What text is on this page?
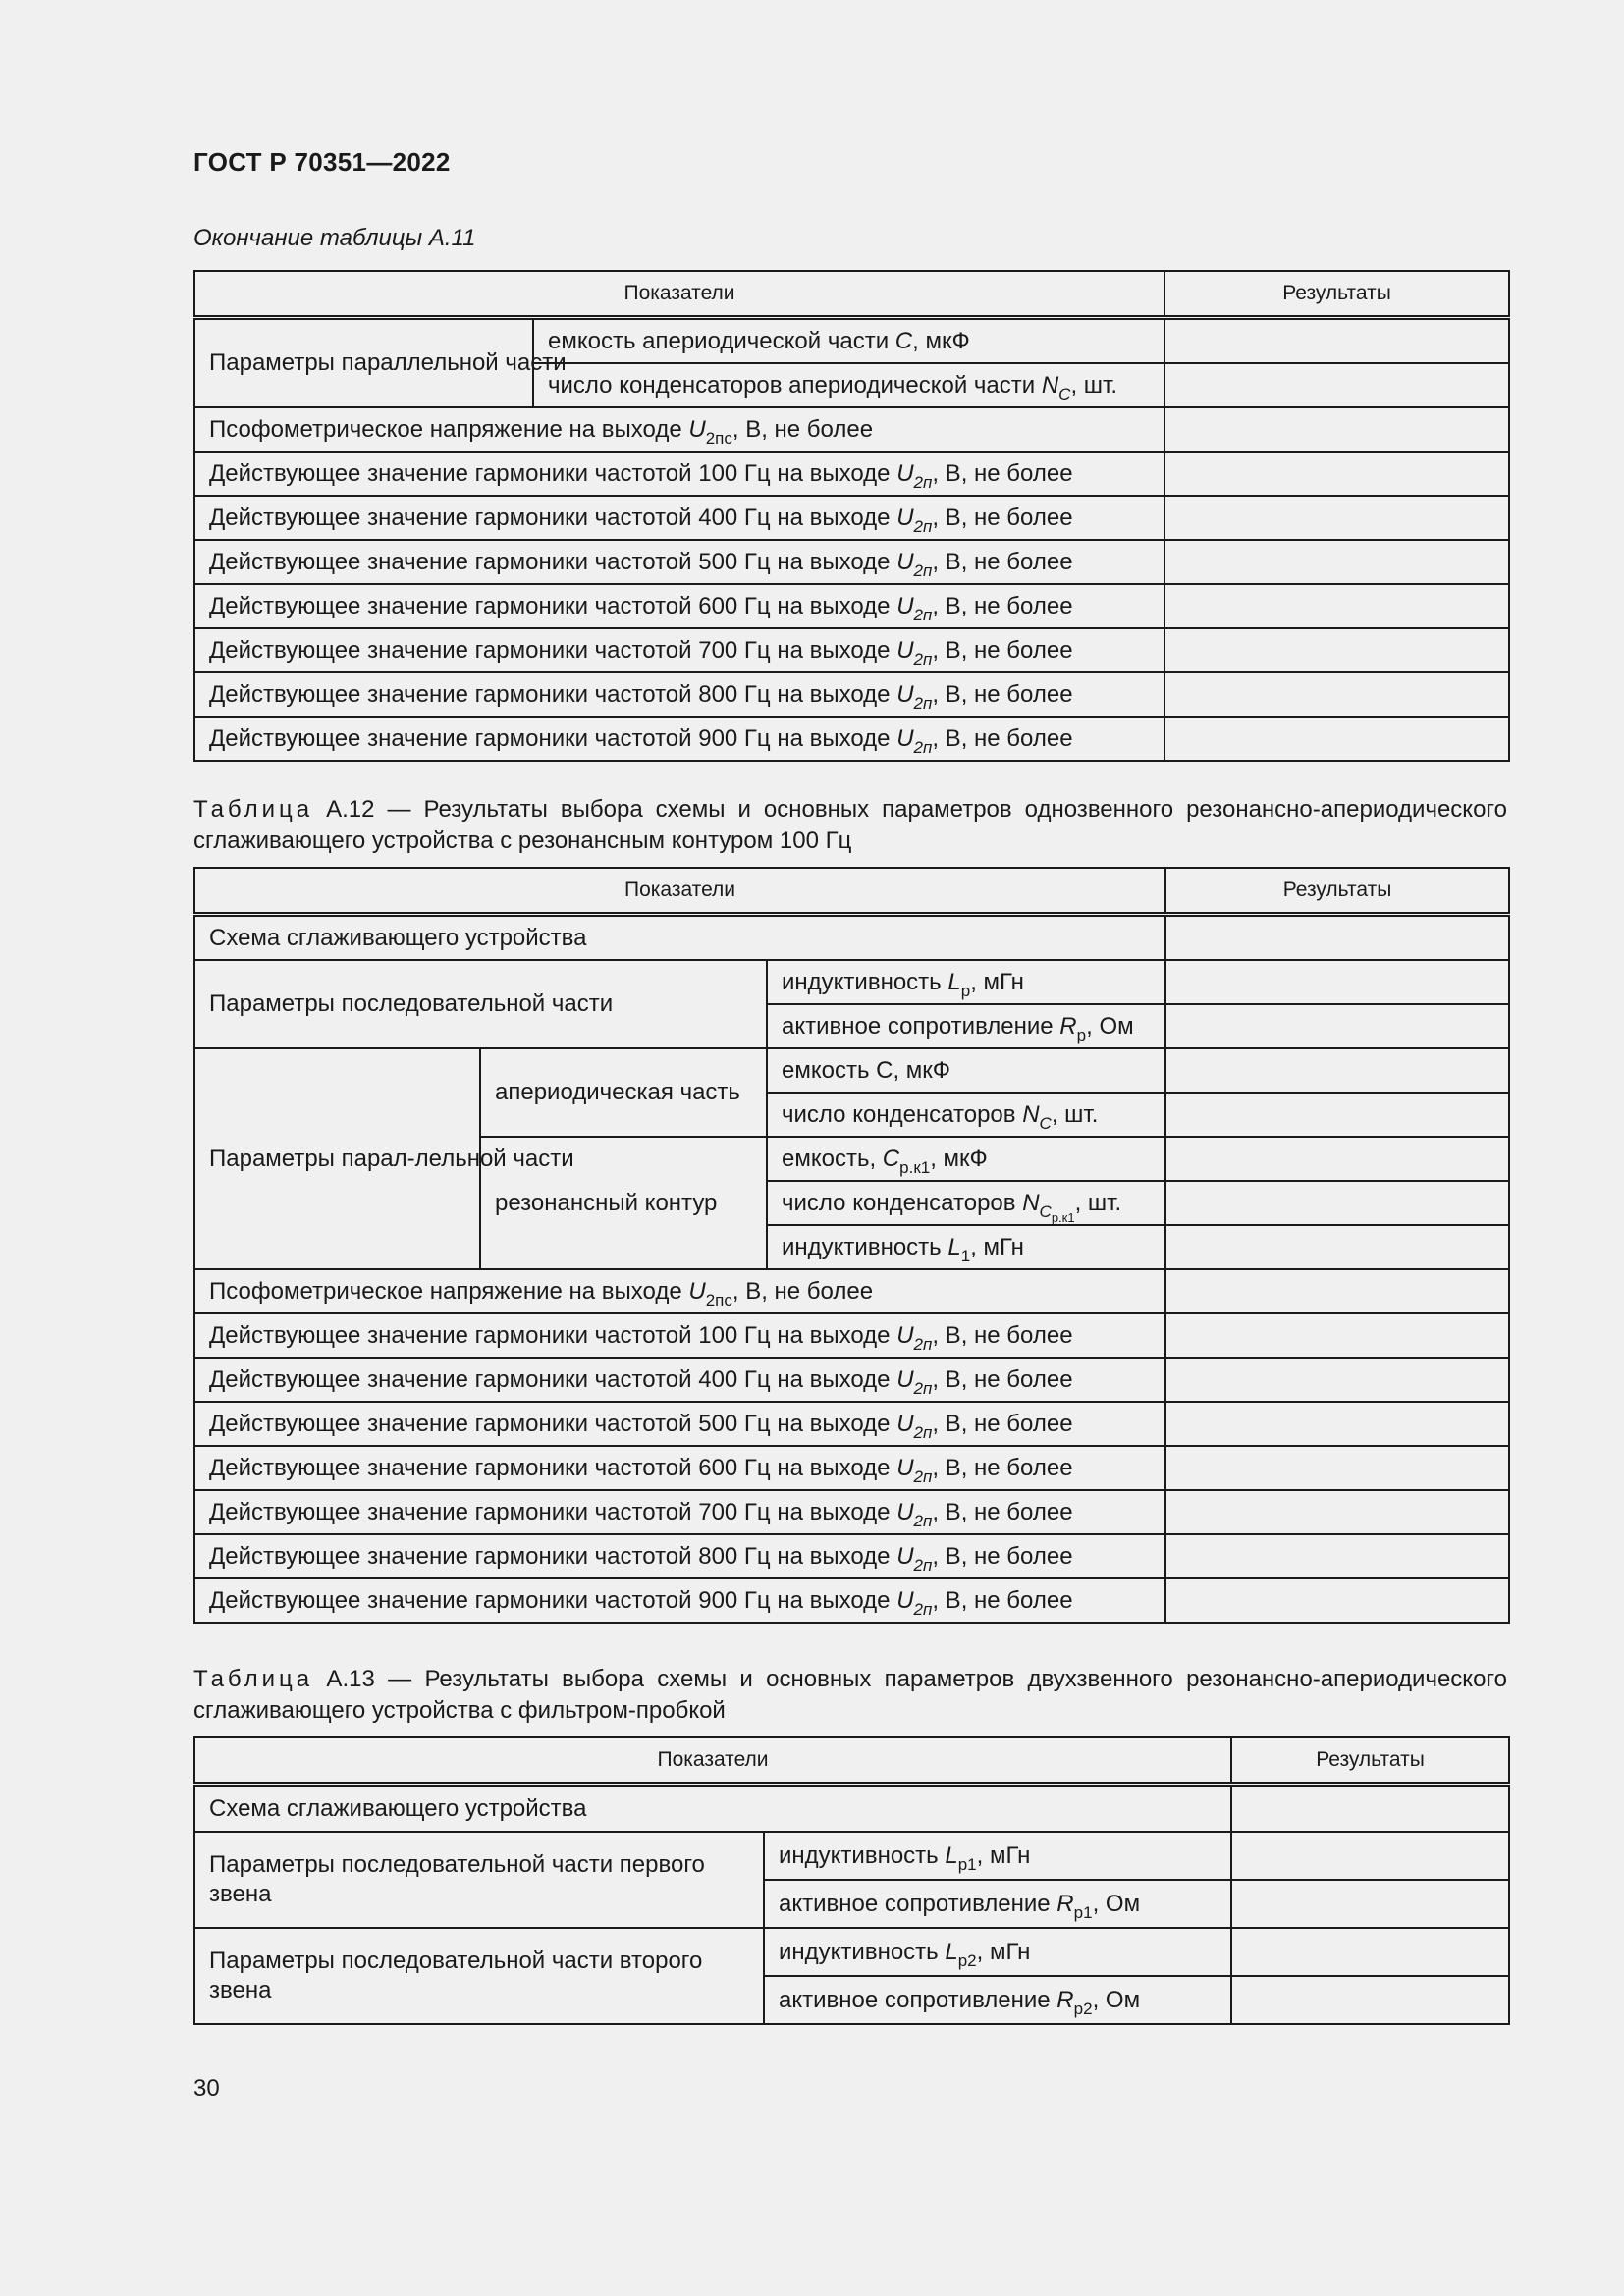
ГОСТ Р 70351—2022
Окончание таблицы А.11
Показатели		Результаты
Параметры параллельной части	емкость апериодической части С, мкФ	
	число конденсаторов апериодической части $N_C$, шт.	
Псофометрическое напряжение на выходе $U_{2пс}$, В, не более		
Действующее значение гармоники частотой 100 Гц на выходе $U_{2п}$, В, не более		
Действующее значение гармоники частотой 400 Гц на выходе $U_{2п}$, В, не более		
Действующее значение гармоники частотой 500 Гц на выходе $U_{2п}$, В, не более		
Действующее значение гармоники частотой 600 Гц на выходе $U_{2п}$, В, не более		
Действующее значение гармоники частотой 700 Гц на выходе $U_{2п}$, В, не более		
Действующее значение гармоники частотой 800 Гц на выходе $U_{2п}$, В, не более		
Действующее значение гармоники частотой 900 Гц на выходе $U_{2п}$, В, не более		
Таблица А.12 — Результаты выбора схемы и основных параметров однозвенного резонансно-апериодического сглаживающего устройства с резонансным контуром 100 Гц
Показатели			Результаты
Схема сглаживающего устройства			
Параметры последовательной части		индуктивность $L_р$, мГн	
		активное сопротивление $R_р$, Ом	
Параметры парал-лельной части	апериодическая часть	емкость С, мкФ	
		число конденсаторов $N_C$, шт.	
	резонансный контур	емкость, $C_{р.к1}$, мкФ	
		число конденсаторов $N_{C_{р.к1}}$, шт.	
		индуктивность $L_1$, мГн	
Псофометрическое напряжение на выходе $U_{2пс}$, В, не более			
Действующее значение гармоники частотой 100 Гц на выходе $U_{2п}$, В, не более			
Действующее значение гармоники частотой 400 Гц на выходе $U_{2п}$, В, не более			
Действующее значение гармоники частотой 500 Гц на выходе $U_{2п}$, В, не более			
Действующее значение гармоники частотой 600 Гц на выходе $U_{2п}$, В, не более			
Действующее значение гармоники частотой 700 Гц на выходе $U_{2п}$, В, не более			
Действующее значение гармоники частотой 800 Гц на выходе $U_{2п}$, В, не более			
Действующее значение гармоники частотой 900 Гц на выходе $U_{2п}$, В, не более			
Таблица А.13 — Результаты выбора схемы и основных параметров двухзвенного резонансно-апериодического сглаживающего устройства с фильтром-пробкой
Показатели		Результаты
Схема сглаживающего устройства		
Параметры последовательной части первого звена	индуктивность $L_{р1}$, мГн	
	активное сопротивление $R_{р1}$, Ом	
Параметры последовательной части второго звена	индуктивность $L_{р2}$, мГн	
	активное сопротивление $R_{р2}$, Ом	
30
